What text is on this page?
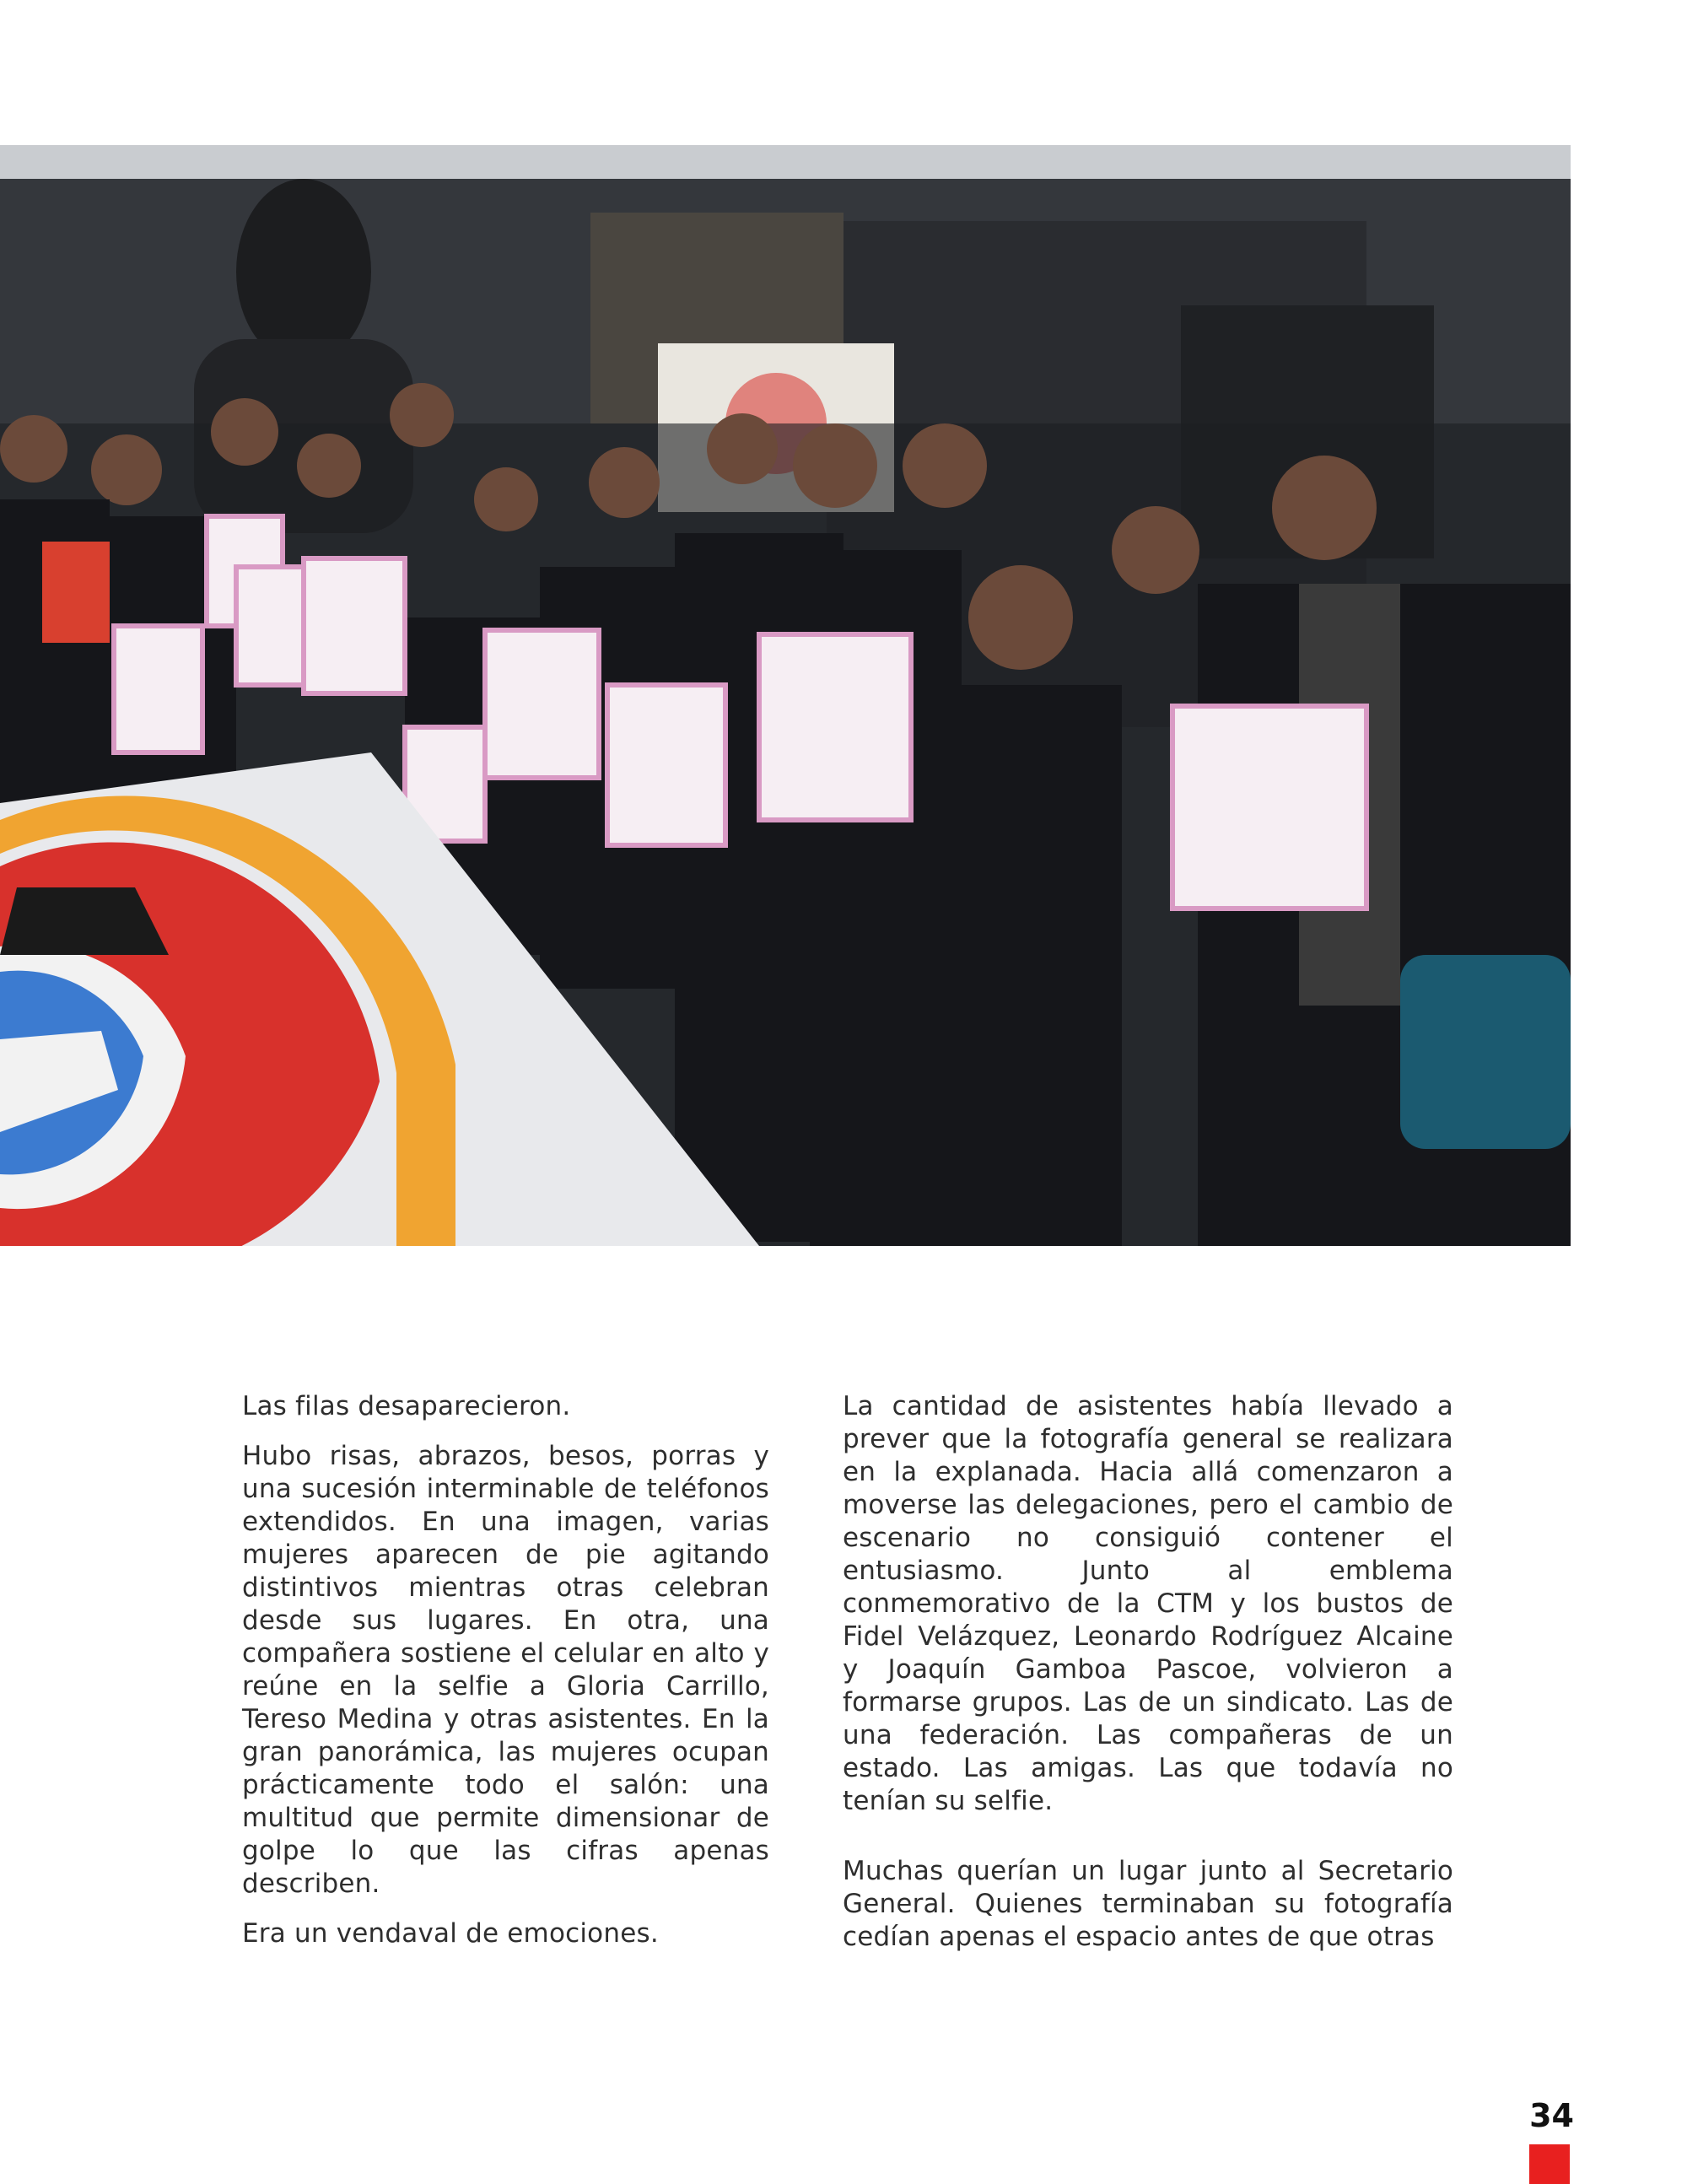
Las filas desaparecieron.

Hubo risas, abrazos, besos, porras y una sucesión interminable de teléfonos extendidos. En una imagen, varias mujeres aparecen de pie agitando distintivos mientras otras celebran desde sus lugares. En otra, una compañera sostiene el celular en alto y reúne en la selfie a Gloria Carrillo, Tereso Medina y otras asistentes. En la gran panorámica, las mujeres ocupan prácticamente todo el salón: una multitud que permite dimensionar de golpe lo que las cifras apenas describen.

Era un vendaval de emociones.

La cantidad de asistentes había llevado a prever que la fotografía general se realizara en la explanada. Hacia allá comenzaron a moverse las delegaciones, pero el cambio de escenario no consiguió contener el entusiasmo. Junto al emblema conmemorativo de la CTM y los bustos de Fidel Velázquez, Leonardo Rodríguez Alcaine y Joaquín Gamboa Pascoe, volvieron a formarse grupos. Las de un sindicato. Las de una federación. Las compañeras de un estado. Las amigas. Las que todavía no tenían su selfie.

Muchas querían un lugar junto al Secretario General. Quienes terminaban su fotografía cedían apenas el espacio antes de que otras

34
